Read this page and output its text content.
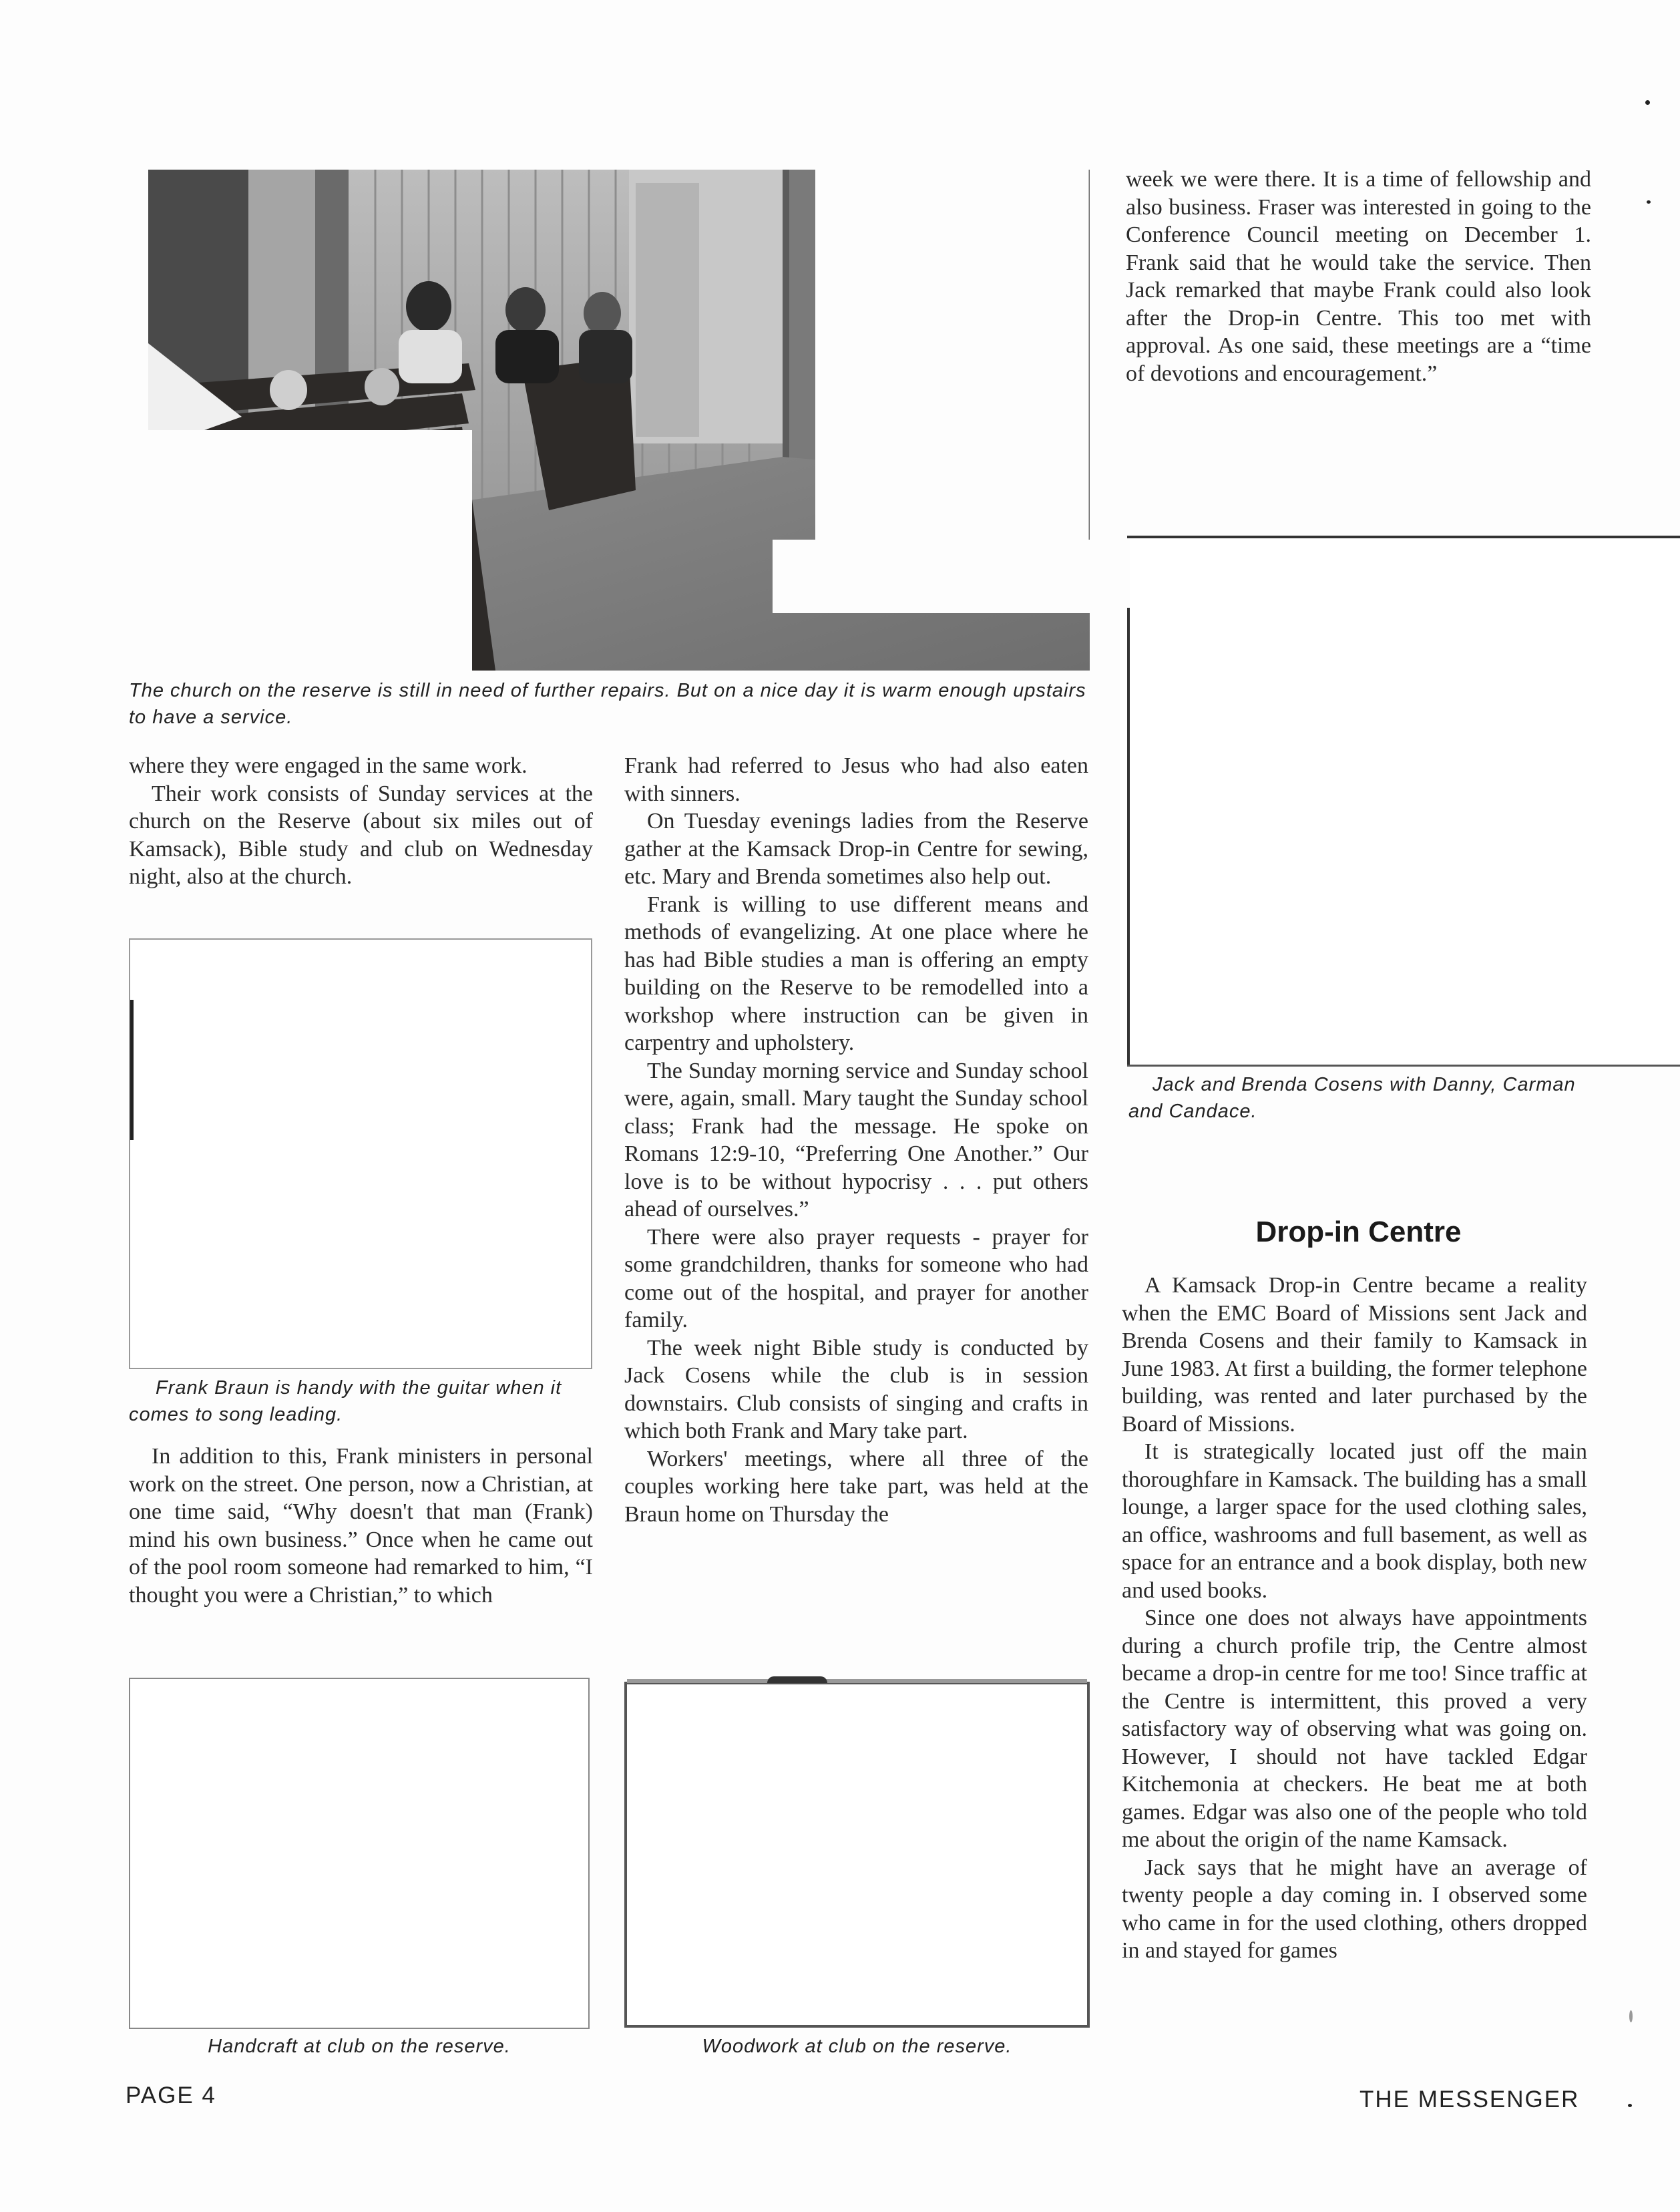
The church on the reserve is still in need of further repairs. But on a nice day it is warm enough upstairs to have a service.

where they were engaged in the same work.

Their work consists of Sunday services at the church on the Reserve (about six miles out of Kamsack), Bible study and club on Wednesday night, also at the church.

Frank Braun is handy with the guitar when it comes to song leading.

In addition to this, Frank ministers in personal work on the street. One person, now a Christian, at one time said, “Why doesn't that man (Frank) mind his own business.” Once when he came out of the pool room someone had remarked to him, “I thought you were a Christian,” to which

Handcraft at club on the reserve.

Frank had referred to Jesus who had also eaten with sinners.

On Tuesday evenings ladies from the Reserve gather at the Kamsack Drop-in Centre for sewing, etc. Mary and Brenda sometimes also help out.

Frank is willing to use different means and methods of evangelizing. At one place where he has had Bible studies a man is offering an empty building on the Reserve to be remodelled into a workshop where instruction can be given in carpentry and upholstery.

The Sunday morning service and Sunday school were, again, small. Mary taught the Sunday school class; Frank had the message. He spoke on Romans 12:9-10, “Preferring One Another.” Our love is to be without hypocrisy . . . put others ahead of ourselves.”

There were also prayer requests - prayer for some grandchildren, thanks for someone who had come out of the hospital, and prayer for another family.

The week night Bible study is conducted by Jack Cosens while the club is in session downstairs. Club consists of singing and crafts in which both Frank and Mary take part.

Workers' meetings, where all three of the couples working here take part, was held at the Braun home on Thursday the

Woodwork at club on the reserve.

week we were there. It is a time of fellowship and also business. Fraser was interested in going to the Conference Council meeting on December 1. Frank said that he would take the service. Then Jack remarked that maybe Frank could also look after the Drop-in Centre. This too met with approval. As one said, these meetings are a “time of devotions and encouragement.”

Jack and Brenda Cosens with Danny, Carman and Candace.
Drop-in Centre

A Kamsack Drop-in Centre became a reality when the EMC Board of Missions sent Jack and Brenda Cosens and their family to Kamsack in June 1983. At first a building, the former telephone building, was rented and later purchased by the Board of Missions.

It is strategically located just off the main thoroughfare in Kamsack. The building has a small lounge, a larger space for the used clothing sales, an office, washrooms and full basement, as well as space for an entrance and a book display, both new and used books.

Since one does not always have appointments during a church profile trip, the Centre almost became a drop-in centre for me too! Since traffic at the Centre is intermittent, this proved a very satisfactory way of observing what was going on. However, I should not have tackled Edgar Kitchemonia at checkers. He beat me at both games. Edgar was also one of the people who told me about the origin of the name Kamsack.

Jack says that he might have an average of twenty people a day coming in. I observed some who came in for the used clothing, others dropped in and stayed for games

PAGE 4	THE MESSENGER
